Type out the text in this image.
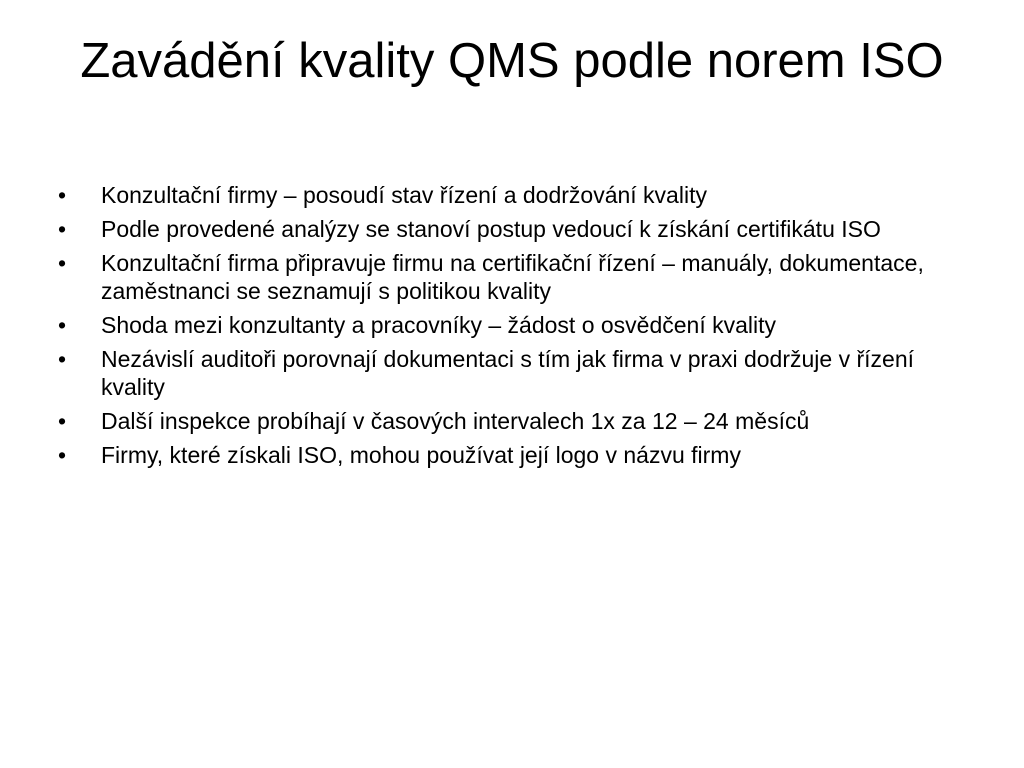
Zavádění kvality QMS podle norem ISO
•	Konzultační firmy – posoudí stav řízení a dodržování kvality
•	Podle provedené analýzy se stanoví postup vedoucí k získání certifikátu ISO
•	Konzultační firma připravuje firmu na certifikační řízení – manuály, dokumentace, zaměstnanci se seznamují s politikou kvality
•	Shoda mezi konzultanty a pracovníky – žádost o osvědčení kvality
•	Nezávislí auditoři porovnají dokumentaci s tím jak firma v praxi dodržuje v řízení kvality
•	Další inspekce probíhají v časových intervalech 1x za 12 – 24 měsíců
•	Firmy, které získali ISO, mohou používat její logo v názvu firmy
